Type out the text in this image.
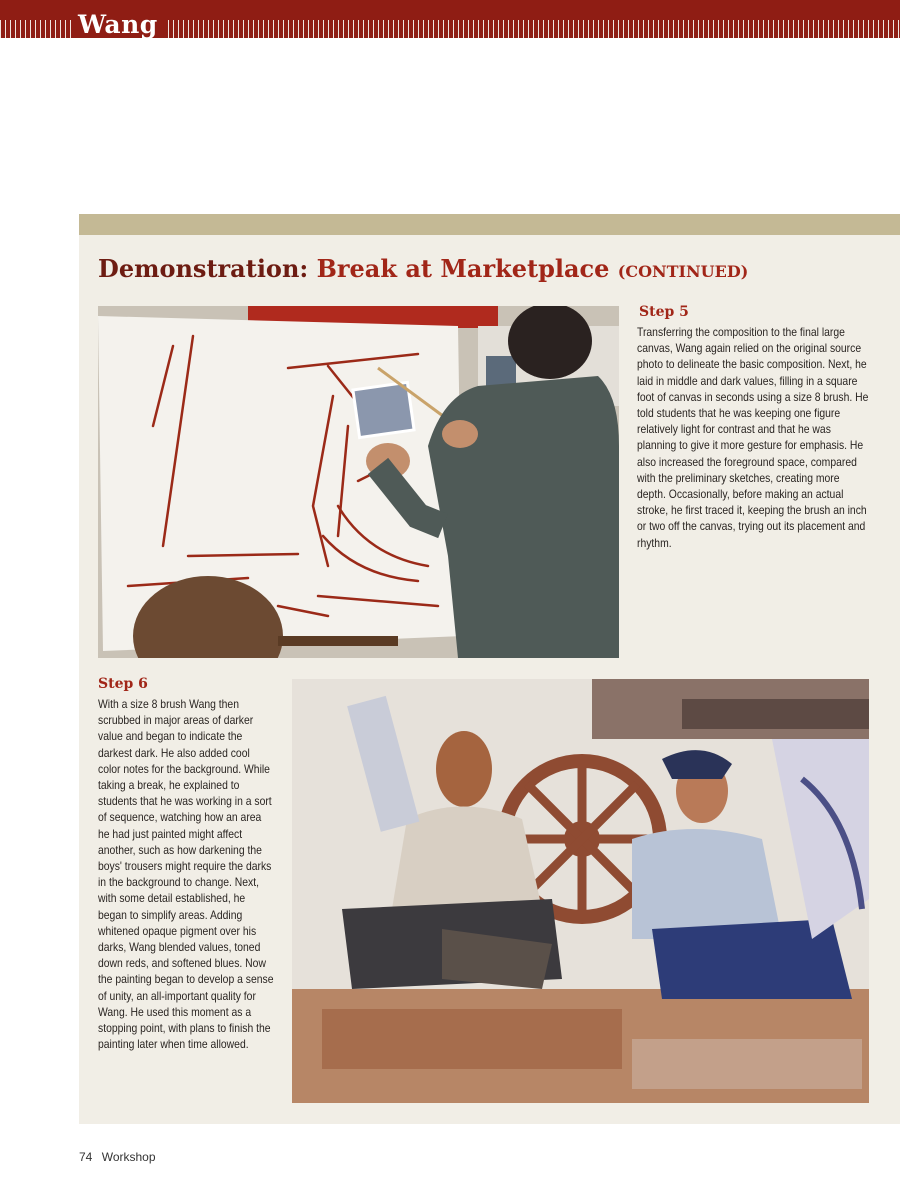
Wang
Demonstration: Break at Marketplace (CONTINUED)
Step 5
Transferring the composition to the final large canvas, Wang again relied on the original source photo to delineate the basic composition. Next, he laid in middle and dark values, filling in a square foot of canvas in seconds using a size 8 brush. He told students that he was keeping one figure relatively light for contrast and that he was planning to give it more gesture for emphasis. He also increased the foreground space, compared with the preliminary sketches, creating more depth. Occasionally, before making an actual stroke, he first traced it, keeping the brush an inch or two off the canvas, trying out its placement and rhythm.
Step 6
With a size 8 brush Wang then scrubbed in major areas of darker value and began to indicate the darkest dark. He also added cool color notes for the background. While taking a break, he explained to students that he was working in a sort of sequence, watching how an area he had just painted might affect another, such as how darkening the boys' trousers might require the darks in the background to change. Next, with some detail established, he began to simplify areas. Adding whitened opaque pigment over his darks, Wang blended values, toned down reds, and softened blues. Now the painting began to develop a sense of unity, an all-important quality for Wang. He used this moment as a stopping point, with plans to finish the painting later when time allowed.
74 Workshop
